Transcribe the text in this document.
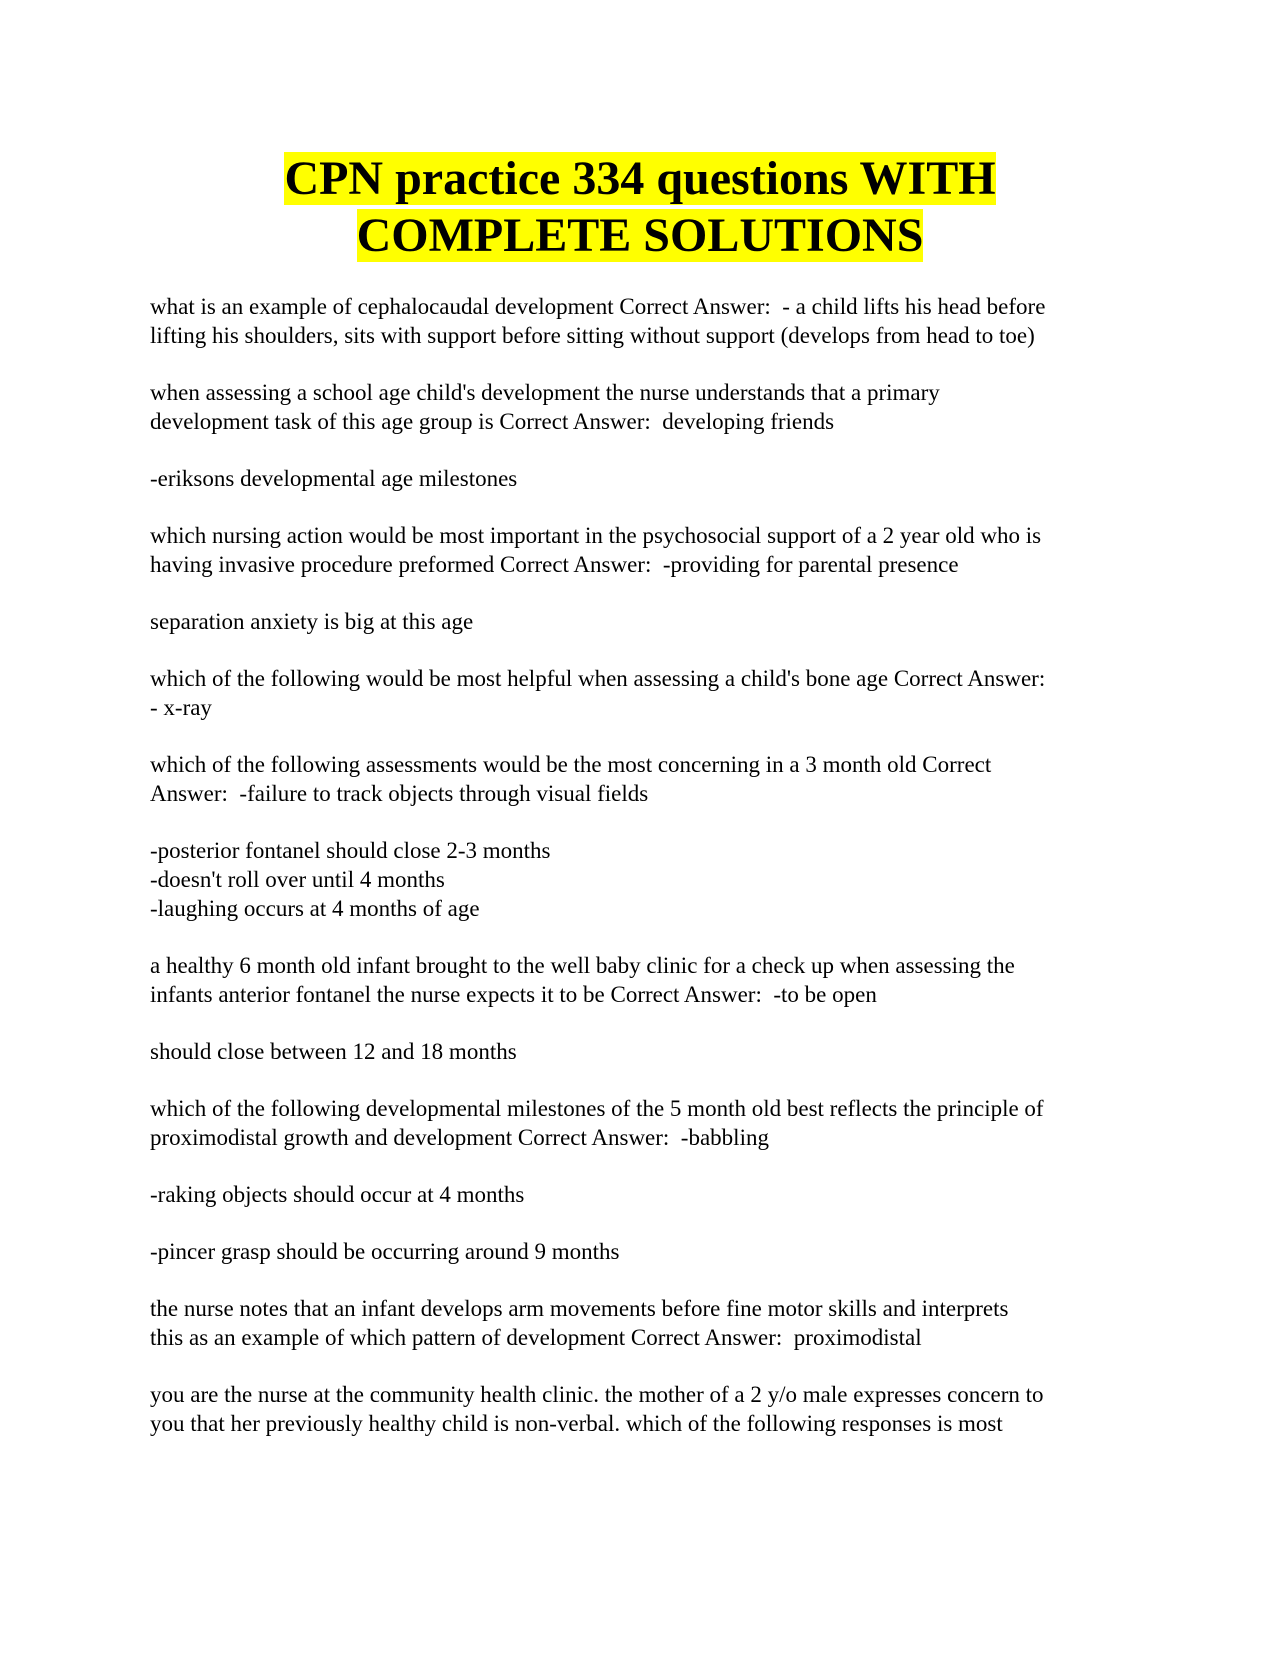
CPN practice 334 questions WITH
COMPLETE SOLUTIONS

what is an example of cephalocaudal development Correct Answer:  - a child lifts his head before
lifting his shoulders, sits with support before sitting without support (develops from head to toe)

when assessing a school age child's development the nurse understands that a primary
development task of this age group is Correct Answer:  developing friends

-eriksons developmental age milestones

which nursing action would be most important in the psychosocial support of a 2 year old who is
having invasive procedure preformed Correct Answer:  -providing for parental presence

separation anxiety is big at this age

which of the following would be most helpful when assessing a child's bone age Correct Answer:
- x-ray

which of the following assessments would be the most concerning in a 3 month old Correct
Answer:  -failure to track objects through visual fields

-posterior fontanel should close 2-3 months
-doesn't roll over until 4 months
-laughing occurs at 4 months of age

a healthy 6 month old infant brought to the well baby clinic for a check up when assessing the
infants anterior fontanel the nurse expects it to be Correct Answer:  -to be open

should close between 12 and 18 months

which of the following developmental milestones of the 5 month old best reflects the principle of
proximodistal growth and development Correct Answer:  -babbling

-raking objects should occur at 4 months

-pincer grasp should be occurring around 9 months

the nurse notes that an infant develops arm movements before fine motor skills and interprets
this as an example of which pattern of development Correct Answer:  proximodistal

you are the nurse at the community health clinic. the mother of a 2 y/o male expresses concern to
you that her previously healthy child is non-verbal. which of the following responses is most
